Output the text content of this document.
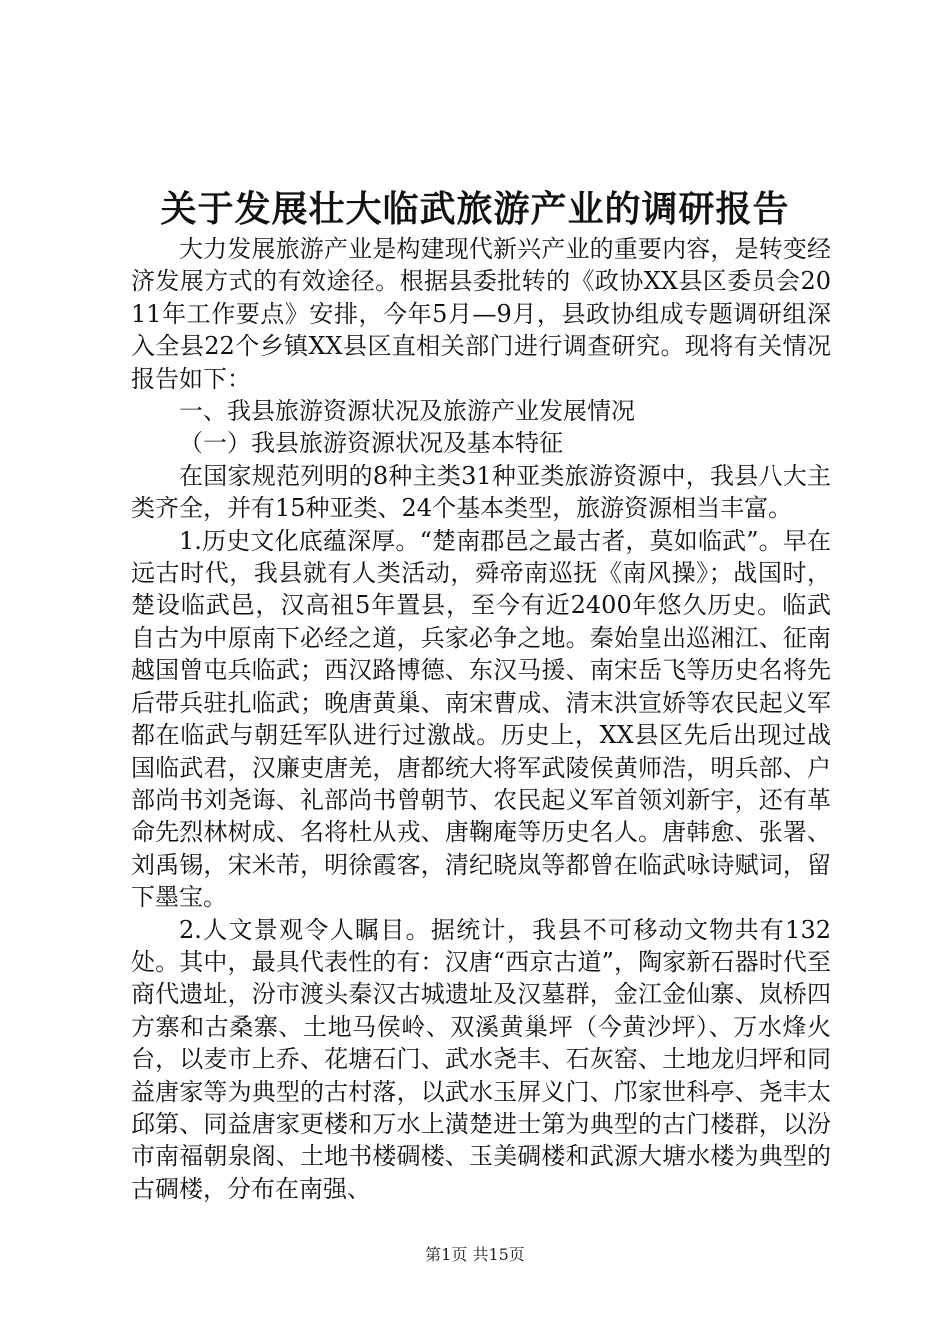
关于发展壮大临武旅游产业的调研报告

大力发展旅游产业是构建现代新兴产业的重要内容，是转变经济发展方式的有效途径。根据县委批转的《政协XX县区委员会2011年工作要点》安排，今年5月—9月，县政协组成专题调研组深入全县22个乡镇XX县区直相关部门进行调查研究。现将有关情况报告如下：

一、我县旅游资源状况及旅游产业发展情况

（一）我县旅游资源状况及基本特征

在国家规范列明的8种主类31种亚类旅游资源中，我县八大主类齐全，并有15种亚类、24个基本类型，旅游资源相当丰富。

1.历史文化底蕴深厚。“楚南郡邑之最古者，莫如临武”。早在远古时代，我县就有人类活动，舜帝南巡抚《南风操》；战国时，楚设临武邑，汉高祖5年置县，至今有近2400年悠久历史。临武自古为中原南下必经之道，兵家必争之地。秦始皇出巡湘江、征南越国曾屯兵临武；西汉路博德、东汉马援、南宋岳飞等历史名将先后带兵驻扎临武；晚唐黄巢、南宋曹成、清末洪宣娇等农民起义军都在临武与朝廷军队进行过激战。历史上，XX县区先后出现过战国临武君，汉廉吏唐羌，唐都统大将军武陵侯黄师浩，明兵部、户部尚书刘尧诲、礼部尚书曾朝节、农民起义军首领刘新宇，还有革命先烈林树成、名将杜从戎、唐鞠庵等历史名人。唐韩愈、张署、刘禹锡，宋米芾，明徐霞客，清纪晓岚等都曾在临武咏诗赋词，留下墨宝。

2.人文景观令人瞩目。据统计，我县不可移动文物共有132处。其中，最具代表性的有：汉唐“西京古道”，陶家新石器时代至商代遗址，汾市渡头秦汉古城遗址及汉墓群，金江金仙寨、岚桥四方寨和古桑寨、土地马侯岭、双溪黄巢坪（今黄沙坪）、万水烽火台，以麦市上乔、花塘石门、武水尧丰、石灰窑、土地龙归坪和同益唐家等为典型的古村落，以武水玉屏义门、邝家世科亭、尧丰太邱第、同益唐家更楼和万水上潢楚进士第为典型的古门楼群，以汾市南福朝泉阁、土地书楼碉楼、玉美碉楼和武源大塘水楼为典型的古碉楼，分布在南强、

第1页 共15页
